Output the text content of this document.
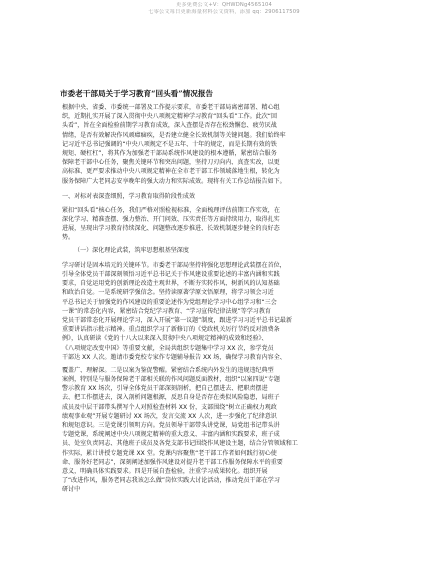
更多免费公文+V：QHWDNg4565104
七零公文每日更新海量材料公文资料，添加 qq：2906117509
市委老干部局关于学习教育“回头看”情况报告

根据中央、省委、市委统一部署及工作提示要求，市委老干部局离密部署、精心组
织，近期扎实开展了深入贯彻中央八项规定精神学习教育“回头看”工作。此次“回
头看”，旨在全面检验前期学习教育成效，深入查摆是否存在松劲懈怠、疲劳厌战
情绪，是否有效解决作风顽瘴痼疾，是否建立健全长效机制等关键问题。我们始终牢
记习近平总书记强调的“中央八项规定不是五年、十年的规定，而是长期有效的铁
规矩、硬杠杠”，将其作为加强老干部局系统作风建设的根本遵循，紧密结合服务
保障老干部中心任务，聚焦关键环节和突出问题，坚持刀刃向内、真查实改，以更
高标准、更严要求推动中央八项规定精神在全市老干部工作领域落地生根，转化为
服务保障广大老同志安享晚年的强大动力和实际成效。现将有关工作总结报告如下。

一、对标对表深查细照，学习教育取得阶段性成效

紧扣“回头看”核心任务，我们严格对照检视标准，全面梳理评估前期工作实效，在
深化学习、精准查摆、强力整治、开门问效、压实责任等方面持续用力，取得扎实
进展，呈现出学习教育持续深化、问题整改逐步推进、长效机制逐步健全的良好态
势。

（一）深化理论武装，筑牢思想根基坚深度

学习研讨是固本培元的关键环节。市委老干部局坚持将强化思想理论武装摆在首位，
引导全体党员干部深刻领悟习近平总书记关于作风建设重要论述的丰富内涵和实践
要求，自觉运用党的创新理论改造主观世界，不断夯实转作风、树新风的认知基础
和政治自觉。一是系统研学强信念。坚持读原著学原文悟原理，将学习领会习近
平总书记关于加强党的作风建设的重要论述作为党组理论学习中心组学习和“三会
一课”的常态化内容，紧密结合党纪学习教育、“学习宣传纪律法规”等学习教育
党员干部常态化开展理论学习，深入开展“第一议题”制度，跟进学习习近平总书记最新
重要讲话指示批示精神。重点组织学习了新修订的《党政机关厉行节约反对浪费条
例》，认真研读《党的十八大以来深入贯彻中央八项规定精神的成效和经验》、
《八项规定改变中国》等重要文献，全局共组织专题集中学习 XX 次，参学党员
干部达 XX 人次。邀请市委党校专家作专题辅导报告 XX 场，确保学习教育内容全、

覆盖广、理解深。二是以案为鉴促警醒。紧密结合系统内外发生的违规违纪典型
案例，特别是与服务保障老干部相关联的作风问题反面教材，组织“以案四说”专题
警示教育 XX 场次，引导全体党员干部深刻剖析，把自己摆进去、把职责摆进
去、把工作摆进去，深入剖析问题根源，反思自身是否存在类似风险隐患，局班子
成员及中层干部带头撰写个人对照检查材料 XX 份，支部围绕“树立正确权力观政
绩观事业观”开展专题研讨 XX 场次，发言交流 XX 人次，进一步强化了纪律意识
和规矩意识。三是党课引领明方向。党员领导干部带头讲党课，局党组书记带头讲
专题党课，系统阐述中央八项规定精神的重大意义、丰富内涵和实践要求，班子成
员、处室负责同志、其他班子成员及各党支部书记围绕作风建设主题，结合分管领域和工
作实际，累计讲授专题党课 XX 堂。党课内容聚焦“老干部工作者如何践行初心使
命、服务好老同志”，深刻阐述加强作风建设对提升老干部工作服务保障水平的重要
意义，明确具体实践要求。四是开展自查检验，注重学习成果转化。组织开展
了“改进作风，服务老同志我该怎么做”岗位实践大讨论活动，推动党员干部在学习
研讨中
